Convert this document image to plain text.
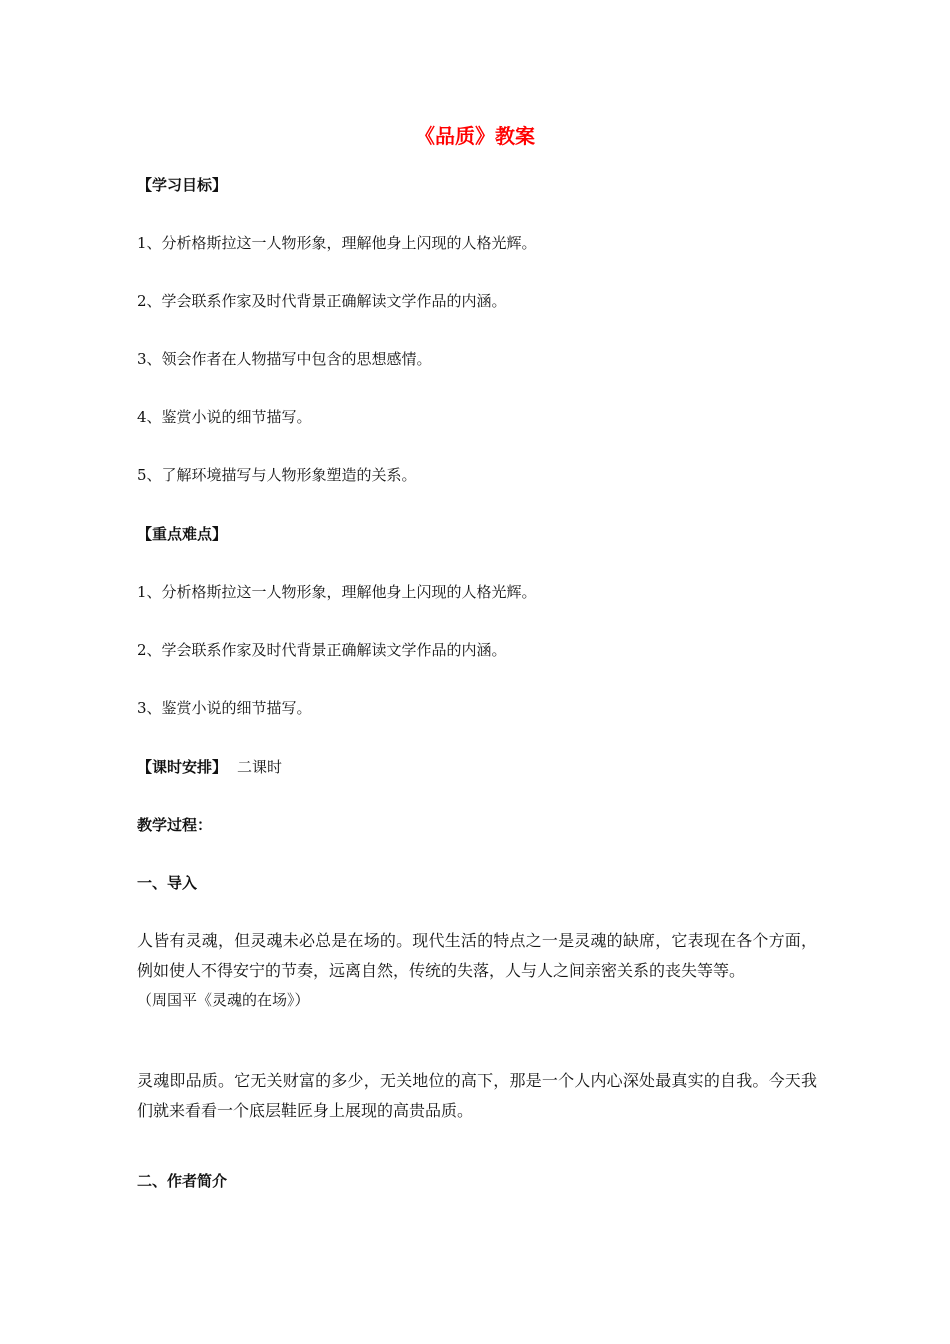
《品质》教案
【学习目标】
1、分析格斯拉这一人物形象，理解他身上闪现的人格光辉。
2、学会联系作家及时代背景正确解读文学作品的内涵。
3、领会作者在人物描写中包含的思想感情。
4、鉴赏小说的细节描写。
5、了解环境描写与人物形象塑造的关系。
【重点难点】
1、分析格斯拉这一人物形象，理解他身上闪现的人格光辉。
2、学会联系作家及时代背景正确解读文学作品的内涵。
3、鉴赏小说的细节描写。
【课时安排】 二课时
教学过程：
一、导入
人皆有灵魂，但灵魂未必总是在场的。现代生活的特点之一是灵魂的缺席，它表现在各个方面，例如使人不得安宁的节奏，远离自然，传统的失落，人与人之间亲密关系的丧失等等。
（周国平《灵魂的在场》）
灵魂即品质。它无关财富的多少，无关地位的高下，那是一个人内心深处最真实的自我。今天我们就来看看一个底层鞋匠身上展现的高贵品质。
二、作者简介
